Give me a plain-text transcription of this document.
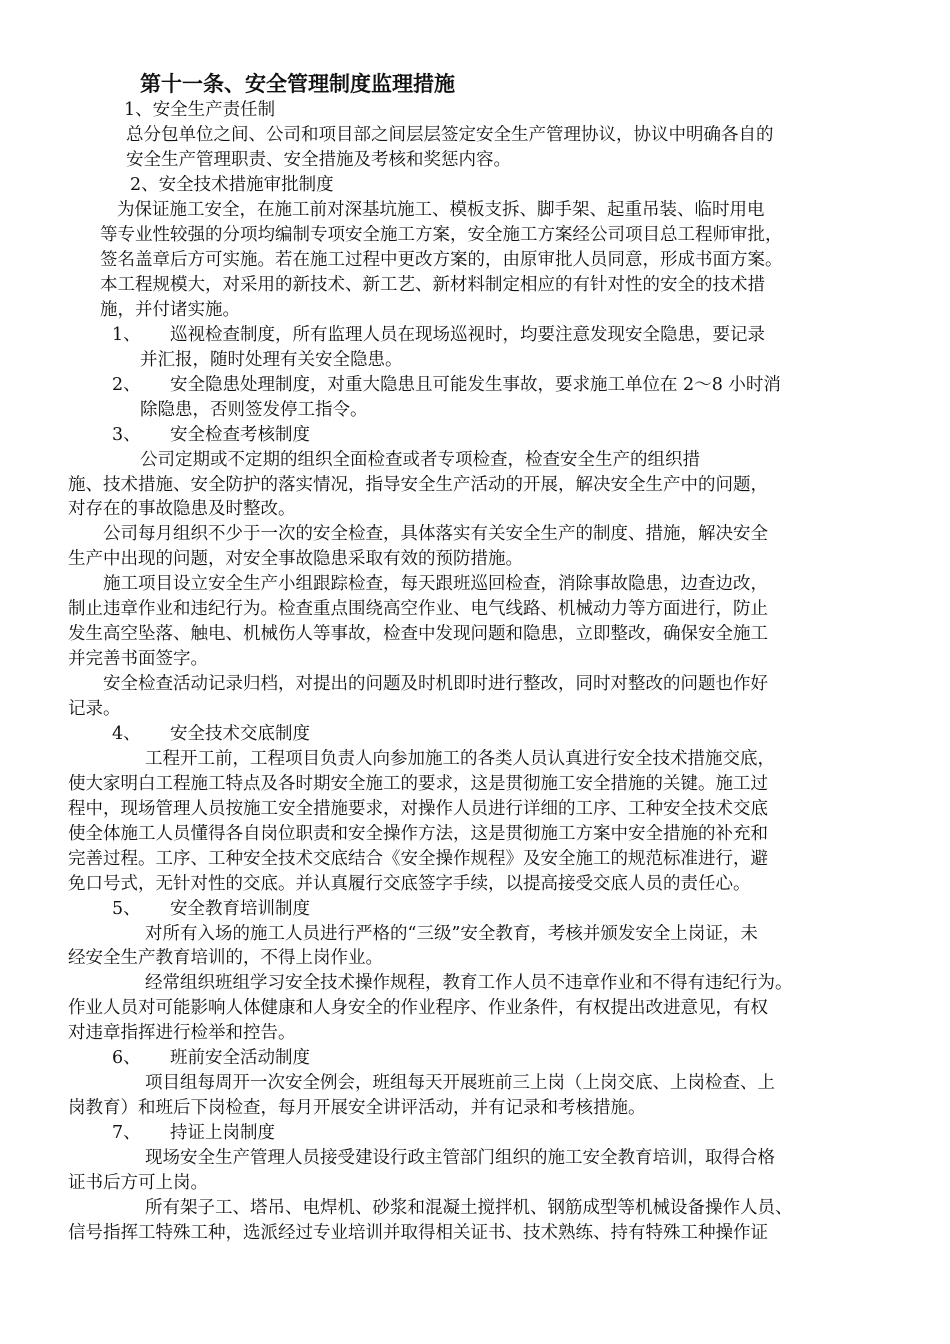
第十一条、安全管理制度监理措施
1、安全生产责任制
总分包单位之间、公司和项目部之间层层签定安全生产管理协议，协议中明确各自的
安全生产管理职责、安全措施及考核和奖惩内容。
2、安全技术措施审批制度
为保证施工安全，在施工前对深基坑施工、模板支拆、脚手架、起重吊装、临时用电
等专业性较强的分项均编制专项安全施工方案，安全施工方案经公司项目总工程师审批，
签名盖章后方可实施。若在施工过程中更改方案的，由原审批人员同意，形成书面方案。
本工程规模大，对采用的新技术、新工艺、新材料制定相应的有针对性的安全的技术措
施，并付诸实施。
1、 巡视检查制度，所有监理人员在现场巡视时，均要注意发现安全隐患，要记录
并汇报，随时处理有关安全隐患。
2、 安全隐患处理制度，对重大隐患且可能发生事故，要求施工单位在 2～8 小时消
除隐患，否则签发停工指令。
3、 安全检查考核制度
公司定期或不定期的组织全面检查或者专项检查，检查安全生产的组织措
施、技术措施、安全防护的落实情况，指导安全生产活动的开展，解决安全生产中的问题，
对存在的事故隐患及时整改。
公司每月组织不少于一次的安全检查，具体落实有关安全生产的制度、措施，解决安全
生产中出现的问题，对安全事故隐患采取有效的预防措施。
施工项目设立安全生产小组跟踪检查，每天跟班巡回检查，消除事故隐患，边查边改，
制止违章作业和违纪行为。检查重点围绕高空作业、电气线路、机械动力等方面进行，防止
发生高空坠落、触电、机械伤人等事故，检查中发现问题和隐患，立即整改，确保安全施工
并完善书面签字。
安全检查活动记录归档，对提出的问题及时机即时进行整改，同时对整改的问题也作好
记录。
4、 安全技术交底制度
工程开工前，工程项目负责人向参加施工的各类人员认真进行安全技术措施交底，
使大家明白工程施工特点及各时期安全施工的要求，这是贯彻施工安全措施的关键。施工过
程中，现场管理人员按施工安全措施要求，对操作人员进行详细的工序、工种安全技术交底
使全体施工人员懂得各自岗位职责和安全操作方法，这是贯彻施工方案中安全措施的补充和
完善过程。工序、工种安全技术交底结合《安全操作规程》及安全施工的规范标准进行，避
免口号式，无针对性的交底。并认真履行交底签字手续，以提高接受交底人员的责任心。
5、 安全教育培训制度
对所有入场的施工人员进行严格的“三级”安全教育，考核并颁发安全上岗证，未
经安全生产教育培训的，不得上岗作业。
经常组织班组学习安全技术操作规程，教育工作人员不违章作业和不得有违纪行为。
作业人员对可能影响人体健康和人身安全的作业程序、作业条件，有权提出改进意见，有权
对违章指挥进行检举和控告。
6、 班前安全活动制度
项目组每周开一次安全例会，班组每天开展班前三上岗（上岗交底、上岗检查、上
岗教育）和班后下岗检查，每月开展安全讲评活动，并有记录和考核措施。
7、 持证上岗制度
现场安全生产管理人员接受建设行政主管部门组织的施工安全教育培训，取得合格
证书后方可上岗。
所有架子工、塔吊、电焊机、砂浆和混凝土搅拌机、钢筋成型等机械设备操作人员、
信号指挥工特殊工种，选派经过专业培训并取得相关证书、技术熟练、持有特殊工种操作证
